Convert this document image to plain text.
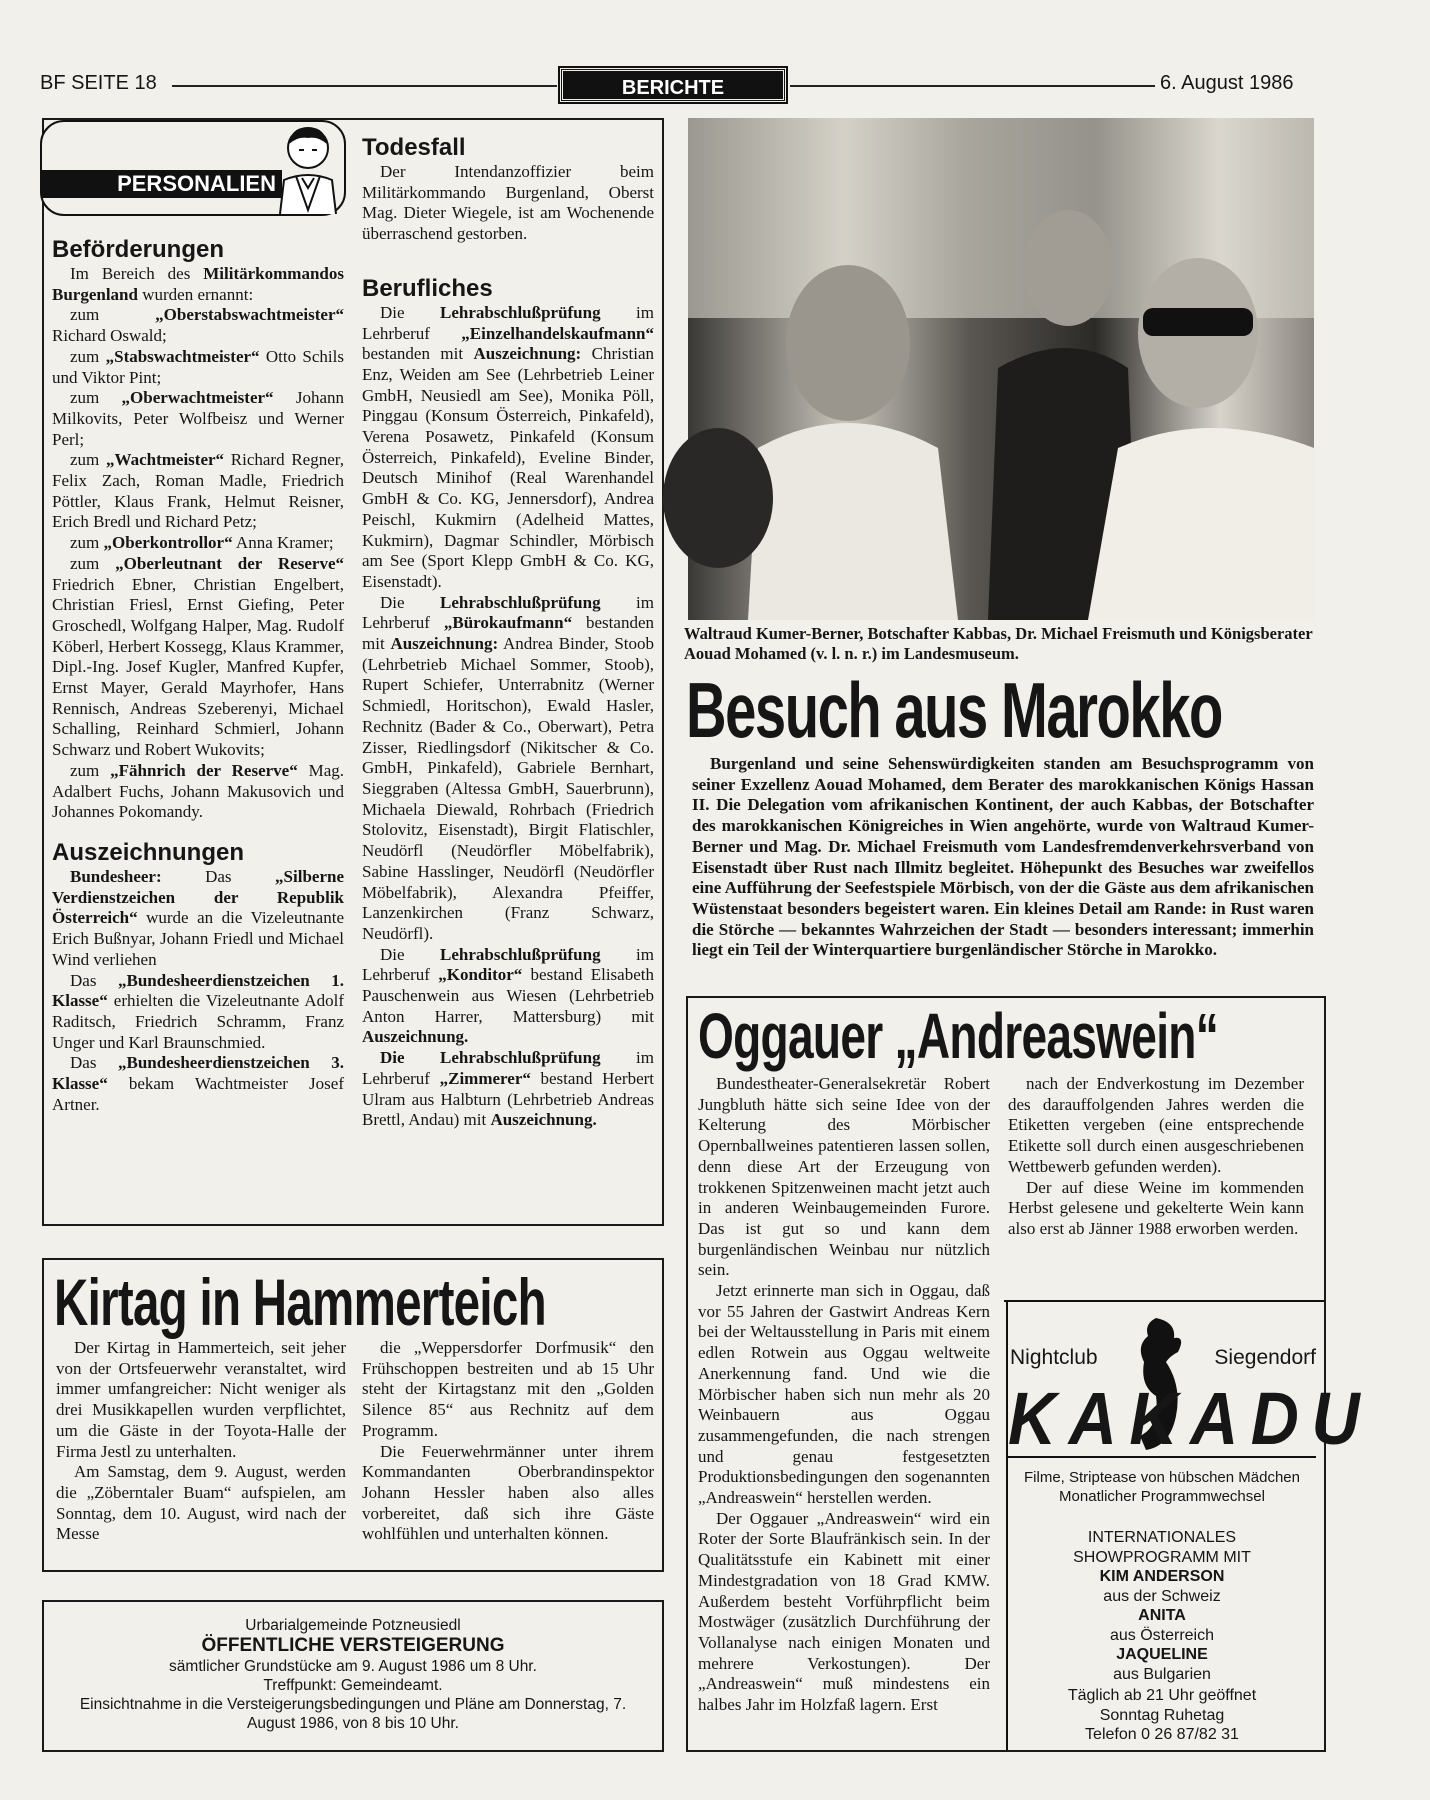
BF SEITE 18	BERICHTE	6. August 1986
PERSONALIEN
Beförderungen

Im Bereich des Militärkommandos Burgenland wurden ernannt:

zum „Oberstabswachtmeister“ Richard Oswald;

zum „Stabswachtmeister“ Otto Schils und Viktor Pint;

zum „Oberwachtmeister“ Johann Milkovits, Peter Wolfbeisz und Werner Perl;

zum „Wachtmeister“ Richard Regner, Felix Zach, Roman Madle, Friedrich Pöttler, Klaus Frank, Helmut Reisner, Erich Bredl und Richard Petz;

zum „Oberkontrollor“ Anna Kramer;

zum „Oberleutnant der Reserve“ Friedrich Ebner, Christian Engelbert, Christian Friesl, Ernst Giefing, Peter Groschedl, Wolfgang Halper, Mag. Rudolf Köberl, Herbert Kossegg, Klaus Krammer, Dipl.-Ing. Josef Kugler, Manfred Kupfer, Ernst Mayer, Gerald Mayrhofer, Hans Rennisch, Andreas Szeberenyi, Michael Schalling, Reinhard Schmierl, Johann Schwarz und Robert Wukovits;

zum „Fähnrich der Reserve“ Mag. Adalbert Fuchs, Johann Makusovich und Johannes Pokomandy.

Auszeichnungen

Bundesheer: Das „Silberne Verdienstzeichen der Republik Österreich“ wurde an die Vizeleutnante Erich Bußnyar, Johann Friedl und Michael Wind verliehen

Das „Bundesheerdienstzeichen 1. Klasse“ erhielten die Vizeleutnante Adolf Raditsch, Friedrich Schramm, Franz Unger und Karl Braunschmied.

Das „Bundesheerdienstzeichen 3. Klasse“ bekam Wachtmeister Josef Artner.

Todesfall

Der Intendanzoffizier beim Militärkommando Burgenland, Oberst Mag. Dieter Wiegele, ist am Wochenende überraschend gestorben.

Berufliches

Die Lehrabschlußprüfung im Lehrberuf „Einzelhandelskaufmann“ bestanden mit Auszeichnung: Christian Enz, Weiden am See (Lehrbetrieb Leiner GmbH, Neusiedl am See), Monika Pöll, Pinggau (Konsum Österreich, Pinkafeld), Verena Posawetz, Pinkafeld (Konsum Österreich, Pinkafeld), Eveline Binder, Deutsch Minihof (Real Warenhandel GmbH & Co. KG, Jennersdorf), Andrea Peischl, Kukmirn (Adelheid Mattes, Kukmirn), Dagmar Schindler, Mörbisch am See (Sport Klepp GmbH & Co. KG, Eisenstadt).

Die Lehrabschlußprüfung im Lehrberuf „Bürokaufmann“ bestanden mit Auszeichnung: Andrea Binder, Stoob (Lehrbetrieb Michael Sommer, Stoob), Rupert Schiefer, Unterrabnitz (Werner Schmiedl, Horitschon), Ewald Hasler, Rechnitz (Bader & Co., Oberwart), Petra Zisser, Riedlingsdorf (Nikitscher & Co. GmbH, Pinkafeld), Gabriele Bernhart, Sieggraben (Altessa GmbH, Sauerbrunn), Michaela Diewald, Rohrbach (Friedrich Stolovitz, Eisenstadt), Birgit Flatischler, Neudörfl (Neudörfler Möbelfabrik), Sabine Hasslinger, Neudörfl (Neudörfler Möbelfabrik), Alexandra Pfeiffer, Lanzenkirchen (Franz Schwarz, Neudörfl).

Die Lehrabschlußprüfung im Lehrberuf „Konditor“ bestand Elisabeth Pauschenwein aus Wiesen (Lehrbetrieb Anton Harrer, Mattersburg) mit Auszeichnung.

Die Lehrabschlußprüfung im Lehrberuf „Zimmerer“ bestand Herbert Ulram aus Halbturn (Lehrbetrieb Andreas Brettl, Andau) mit Auszeichnung.

Waltraud Kumer-Berner, Botschafter Kabbas, Dr. Michael Freismuth und Königsberater Aouad Mohamed (v. l. n. r.) im Landesmuseum.
Besuch aus Marokko

Burgenland und seine Sehenswürdigkeiten standen am Besuchsprogramm von seiner Exzellenz Aouad Mohamed, dem Berater des marokkanischen Königs Hassan II. Die Delegation vom afrikanischen Kontinent, der auch Kabbas, der Botschafter des marokkanischen Königreiches in Wien angehörte, wurde von Waltraud Kumer-Berner und Mag. Dr. Michael Freismuth vom Landesfremdenverkehrsverband von Eisenstadt über Rust nach Illmitz begleitet. Höhepunkt des Besuches war zweifellos eine Aufführung der Seefestspiele Mörbisch, von der die Gäste aus dem afrikanischen Wüstenstaat besonders begeistert waren. Ein kleines Detail am Rande: in Rust waren die Störche — bekanntes Wahrzeichen der Stadt — besonders interessant; immerhin liegt ein Teil der Winterquartiere burgenländischer Störche in Marokko.

Oggauer „Andreaswein“

Bundestheater-Generalsekretär Robert Jungbluth hätte sich seine Idee von der Kelterung des Mörbischer Opernballweines patentieren lassen sollen, denn diese Art der Erzeugung von trokkenen Spitzenweinen macht jetzt auch in anderen Weinbaugemeinden Furore. Das ist gut so und kann dem burgenländischen Weinbau nur nützlich sein.

Jetzt erinnerte man sich in Oggau, daß vor 55 Jahren der Gastwirt Andreas Kern bei der Weltausstellung in Paris mit einem edlen Rotwein aus Oggau weltweite Anerkennung fand. Und wie die Mörbischer haben sich nun mehr als 20 Weinbauern aus Oggau zusammengefunden, die nach strengen und genau festgesetzten Produktionsbedingungen den sogenannten „Andreaswein“ herstellen werden.

Der Oggauer „Andreaswein“ wird ein Roter der Sorte Blaufränkisch sein. In der Qualitätsstufe ein Kabinett mit einer Mindestgradation von 18 Grad KMW. Außerdem besteht Vorführpflicht beim Mostwäger (zusätzlich Durchführung der Vollanalyse nach einigen Monaten und mehrere Verkostungen). Der „Andreaswein“ muß mindestens ein halbes Jahr im Holzfaß lagern. Erst

nach der Endverkostung im Dezember des darauffolgenden Jahres werden die Etiketten vergeben (eine entsprechende Etikette soll durch einen ausgeschriebenen Wettbewerb gefunden werden).

Der auf diese Weine im kommenden Herbst gelesene und gekelterte Wein kann also erst ab Jänner 1988 erworben werden.

Nightclub	Siegendorf
KAKADU
Filme, Striptease von hübschen Mädchen
Monatlicher Programmwechsel
INTERNATIONALES
SHOWPROGRAMM MIT
KIM ANDERSON
aus der Schweiz
ANITA
aus Österreich
JAQUELINE
aus Bulgarien
Täglich ab 21 Uhr geöffnet
Sonntag Ruhetag
Telefon 0 26 87/82 31
Kirtag in Hammerteich

Der Kirtag in Hammerteich, seit jeher von der Ortsfeuerwehr veranstaltet, wird immer umfangreicher: Nicht weniger als drei Musikkapellen wurden verpflichtet, um die Gäste in der Toyota-Halle der Firma Jestl zu unterhalten.

Am Samstag, dem 9. August, werden die „Zöberntaler Buam“ aufspielen, am Sonntag, dem 10. August, wird nach der Messe

die „Weppersdorfer Dorfmusik“ den Frühschoppen bestreiten und ab 15 Uhr steht der Kirtagstanz mit den „Golden Silence 85“ aus Rechnitz auf dem Programm.

Die Feuerwehrmänner unter ihrem Kommandanten Oberbrandinspektor Johann Hessler haben also alles vorbereitet, daß sich ihre Gäste wohlfühlen und unterhalten können.

Urbarialgemeinde Potzneusiedl
ÖFFENTLICHE VERSTEIGERUNG
sämtlicher Grundstücke am 9. August 1986 um 8 Uhr.
Treffpunkt: Gemeindeamt.
Einsichtnahme in die Versteigerungsbedingungen und Pläne am Donnerstag, 7. August 1986, von 8 bis 10 Uhr.
